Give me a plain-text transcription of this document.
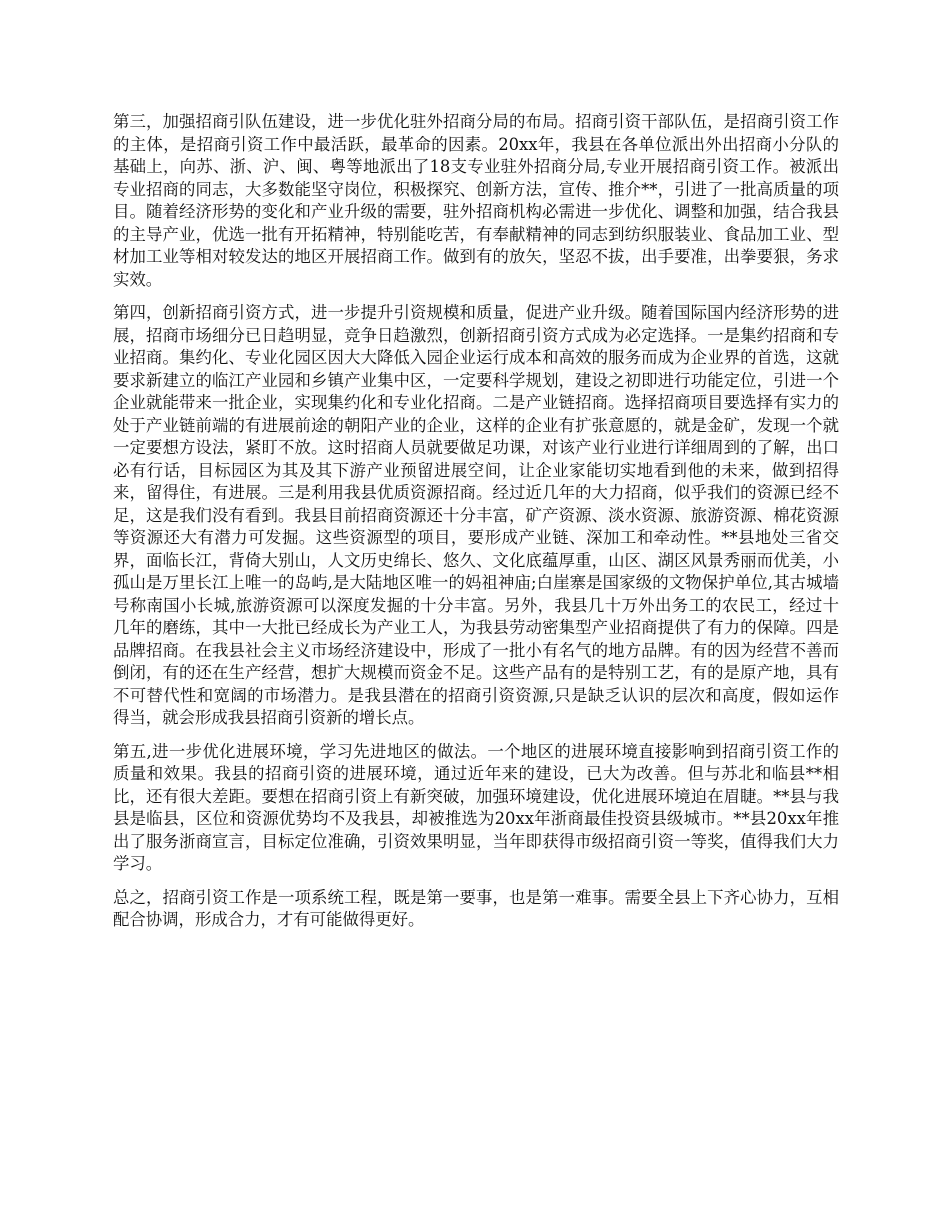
第三，加强招商引队伍建设，进一步优化驻外招商分局的布局。招商引资干部队伍，是招商引资工作的主体，是招商引资工作中最活跃，最革命的因素。20xx年，我县在各单位派出外出招商小分队的基础上，向苏、浙、沪、闽、粤等地派出了18支专业驻外招商分局,专业开展招商引资工作。被派出专业招商的同志，大多数能坚守岗位，积极探究、创新方法，宣传、推介**，引进了一批高质量的项目。随着经济形势的变化和产业升级的需要，驻外招商机构必需进一步优化、调整和加强，结合我县的主导产业，优选一批有开拓精神，特别能吃苦，有奉献精神的同志到纺织服装业、食品加工业、型材加工业等相对较发达的地区开展招商工作。做到有的放矢，坚忍不拔，出手要准，出拳要狠，务求实效。

第四，创新招商引资方式，进一步提升引资规模和质量，促进产业升级。随着国际国内经济形势的进展，招商市场细分已日趋明显，竞争日趋激烈，创新招商引资方式成为必定选择。一是集约招商和专业招商。集约化、专业化园区因大大降低入园企业运行成本和高效的服务而成为企业界的首选，这就要求新建立的临江产业园和乡镇产业集中区，一定要科学规划，建设之初即进行功能定位，引进一个企业就能带来一批企业，实现集约化和专业化招商。二是产业链招商。选择招商项目要选择有实力的处于产业链前端的有进展前途的朝阳产业的企业，这样的企业有扩张意愿的，就是金矿，发现一个就一定要想方设法，紧盯不放。这时招商人员就要做足功课，对该产业行业进行详细周到的了解，出口必有行话，目标园区为其及其下游产业预留进展空间，让企业家能切实地看到他的未来，做到招得来，留得住，有进展。三是利用我县优质资源招商。经过近几年的大力招商，似乎我们的资源已经不足，这是我们没有看到。我县目前招商资源还十分丰富，矿产资源、淡水资源、旅游资源、棉花资源等资源还大有潜力可发掘。这些资源型的项目，要形成产业链、深加工和牵动性。**县地处三省交界，面临长江，背倚大别山，人文历史绵长、悠久、文化底蕴厚重，山区、湖区风景秀丽而优美，小孤山是万里长江上唯一的岛屿,是大陆地区唯一的妈祖神庙;白崖寨是国家级的文物保护单位,其古城墙号称南国小长城,旅游资源可以深度发掘的十分丰富。另外，我县几十万外出务工的农民工，经过十几年的磨练，其中一大批已经成长为产业工人，为我县劳动密集型产业招商提供了有力的保障。四是品牌招商。在我县社会主义市场经济建设中，形成了一批小有名气的地方品牌。有的因为经营不善而倒闭，有的还在生产经营，想扩大规模而资金不足。这些产品有的是特别工艺，有的是原产地，具有不可替代性和宽阔的市场潜力。是我县潜在的招商引资资源,只是缺乏认识的层次和高度，假如运作得当，就会形成我县招商引资新的增长点。

第五,进一步优化进展环境，学习先进地区的做法。一个地区的进展环境直接影响到招商引资工作的质量和效果。我县的招商引资的进展环境，通过近年来的建设，已大为改善。但与苏北和临县**相比，还有很大差距。要想在招商引资上有新突破，加强环境建设，优化进展环境迫在眉睫。**县与我县是临县，区位和资源优势均不及我县，却被推选为20xx年浙商最佳投资县级城市。**县20xx年推出了服务浙商宣言，目标定位准确，引资效果明显，当年即获得市级招商引资一等奖，值得我们大力学习。

总之，招商引资工作是一项系统工程，既是第一要事，也是第一难事。需要全县上下齐心协力，互相配合协调，形成合力，才有可能做得更好。
